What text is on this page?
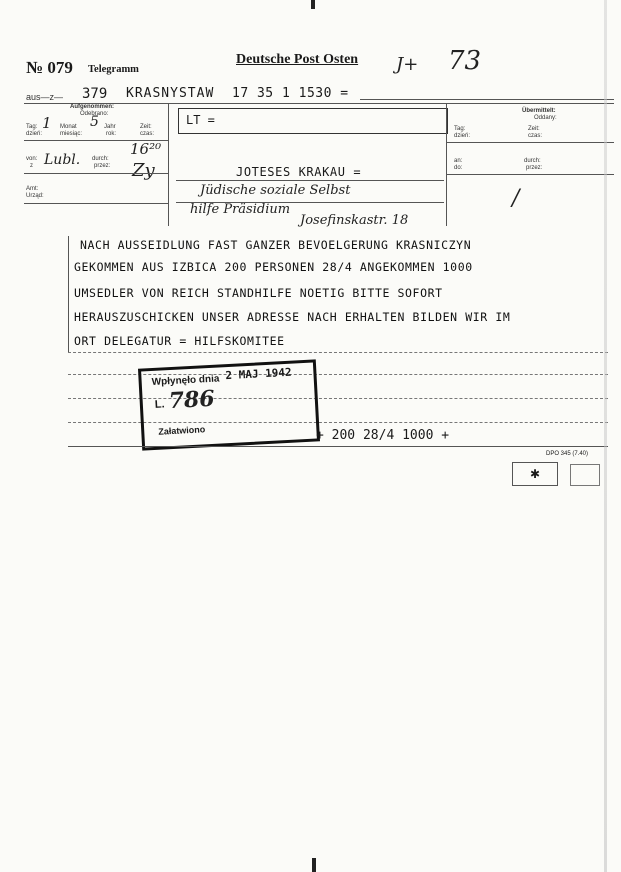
№ 079 Telegramm
Deutsche Post Osten J+ 73
aus—z— 379 KRASNYSTAW 17 35 1 1530 =
Aufgenommen:
Odebrano:
Tag:
dzień:
1 Monat
miesiąc:
5 Jahr
rok:
Zeit:
czas:
von:
z Lubl. durch:
przez:
16²⁰
Zy
Amt:
Urząd:
LT =
JOTESES KRAKAU =
Jüdische soziale Selbst
hilfe Präsidium
Josefinskastr. 18
Übermittelt:
Oddany:
Tag:
dzień:
Zeit:
czas:
an:
do:
durch:
przez:
/
NACH AUSSEIDLUNG FAST GANZER BEVOELGERUNG KRASNICZYN
GEKOMMEN AUS IZBICA 200 PERSONEN 28/4 ANGEKOMMEN 1000
UMSEDLER VON REICH STANDHILFE NOETIG BITTE SOFORT
HERAUSZUSCHICKEN UNSER ADRESSE NACH ERHALTEN BILDEN WIR IM
ORT DELEGATUR = HILFSKOMITEE
Wpłynęło dnia 2 MAJ 1942
L. 786
Załatwiono	+ 200 28/4 1000 +
DPO 345 (7.40)
✱
